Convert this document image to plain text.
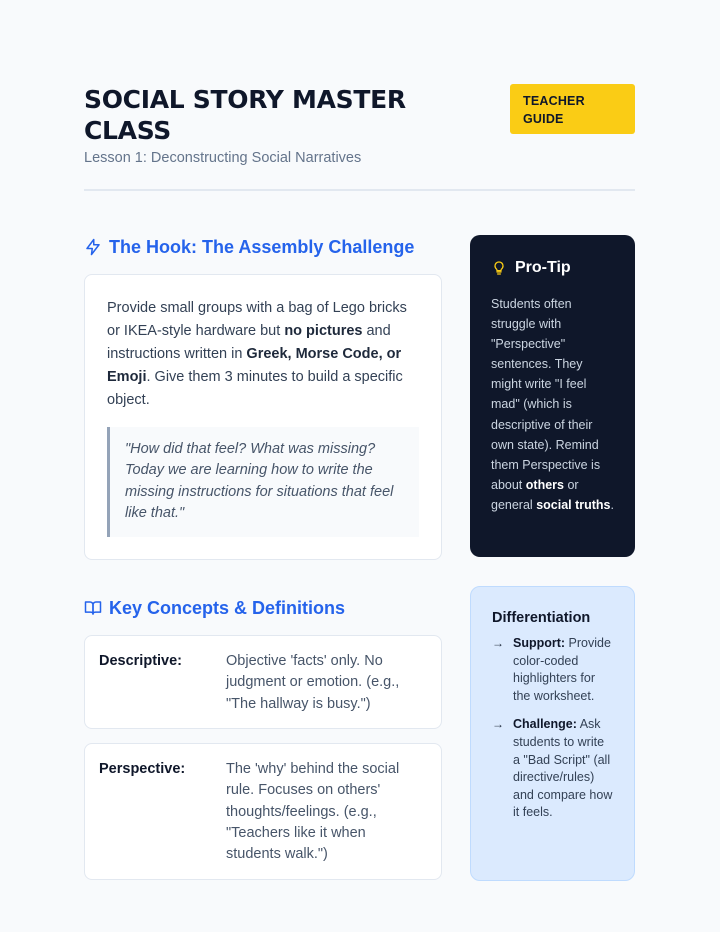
SOCIAL STORY MASTER CLASS
Lesson 1: Deconstructing Social Narratives
TEACHER GUIDE
The Hook: The Assembly Challenge

Provide small groups with a bag of Lego bricks or IKEA-style hardware but no pictures and instructions written in Greek, Morse Code, or Emoji. Give them 3 minutes to build a specific object.

"How did that feel? What was missing? Today we are learning how to write the missing instructions for situations that feel like that."
Key Concepts & Definitions
Descriptive:	Objective 'facts' only. No judgment or emotion. (e.g., "The hallway is busy.")
Perspective:	The 'why' behind the social rule. Focuses on others' thoughts/feelings. (e.g., "Teachers like it when students walk.")
Pro-Tip

Students often struggle with "Perspective" sentences. They might write "I feel mad" (which is descriptive of their own state). Remind them Perspective is about others or general social truths.

Differentiation
→ Support: Provide color-coded highlighters for the worksheet.
→ Challenge: Ask students to write a "Bad Script" (all directive/rules) and compare how it feels.
